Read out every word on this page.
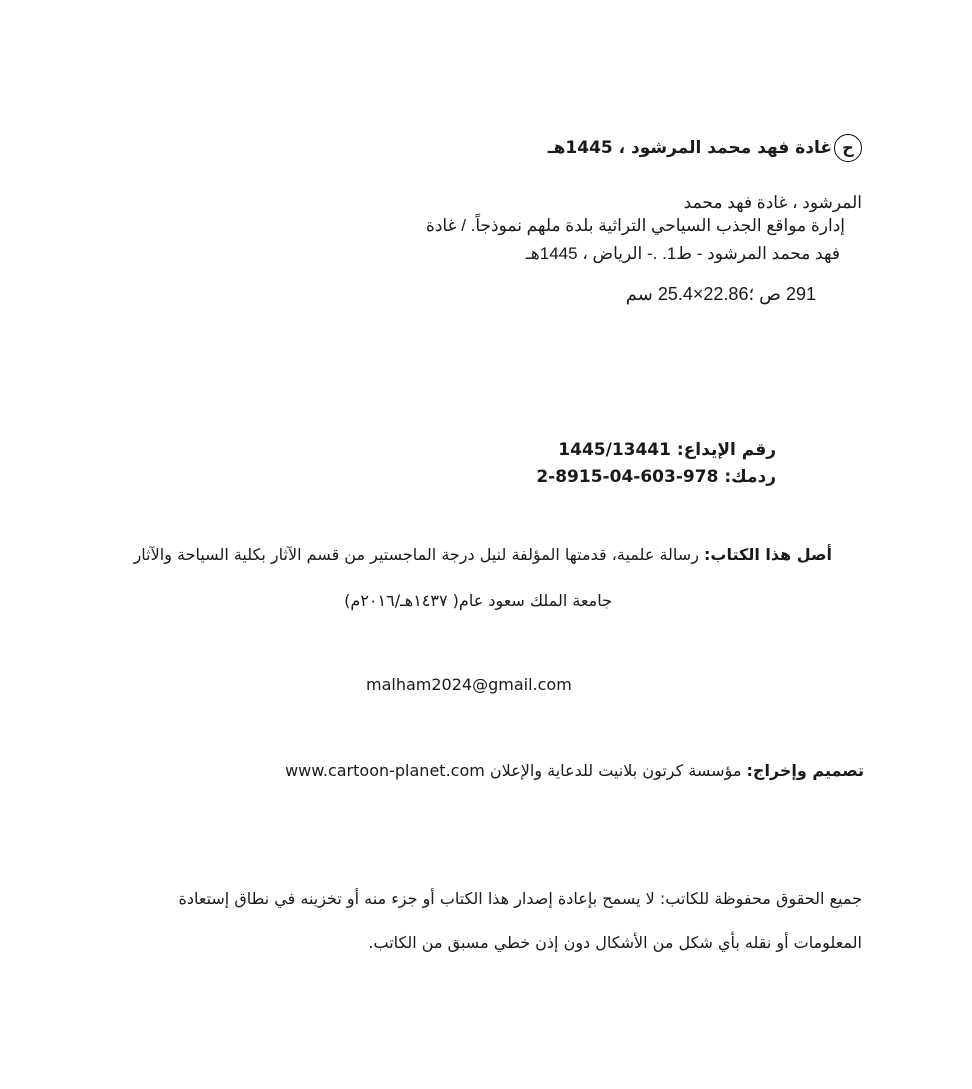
ح
غادة فهد محمد المرشود ، 1445هـ
المرشود ، غادة فهد محمد
إدارة مواقع الجذب السياحي التراثية بلدة ملهم نموذجاً. / غادة
فهد محمد المرشود - ط1. .- الرياض ، 1445هـ
291 ص ؛22.86×25.4 سم
رقم الإيداع: 1445/13441
ردمك: 978-603-04-8915-2
أصل هذا الكتاب: رسالة علمية، قدمتها المؤلفة لنيل درجة الماجستير من قسم الآثار بكلية السياحة والآثار
جامعة الملك سعود عام( ١٤٣٧هـ/٢٠١٦م)
malham2024@gmail.com
تصميم وإخراج: مؤسسة كرتون بلانيت للدعاية والإعلان www.cartoon-planet.com
جميع الحقوق محفوظة للكاتب: لا يسمح بإعادة إصدار هذا الكتاب أو جزء منه أو تخزينه في نطاق إستعادة
المعلومات أو نقله بأي شكل من الأشكال دون إذن خطي مسبق من الكاتب.
